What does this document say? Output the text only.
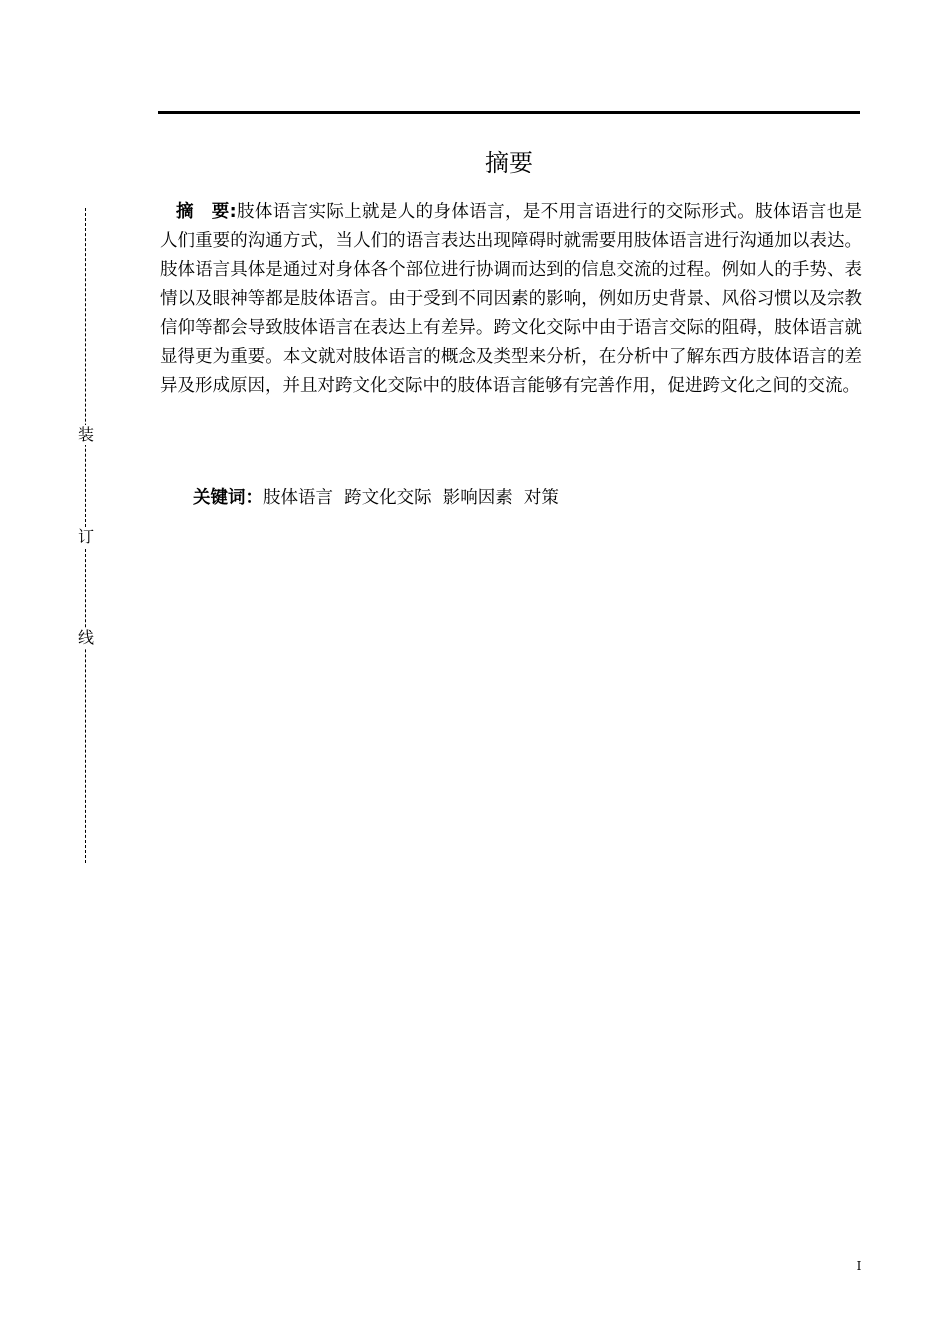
装
订
线
摘要

摘　要:肢体语言实际上就是人的身体语言，是不用言语进行的交际形式。肢体语言也是人们重要的沟通方式，当人们的语言表达出现障碍时就需要用肢体语言进行沟通加以表达。肢体语言具体是通过对身体各个部位进行协调而达到的信息交流的过程。例如人的手势、表情以及眼神等都是肢体语言。由于受到不同因素的影响，例如历史背景、风俗习惯以及宗教信仰等都会导致肢体语言在表达上有差异。跨文化交际中由于语言交际的阻碍，肢体语言就显得更为重要。本文就对肢体语言的概念及类型来分析，在分析中了解东西方肢体语言的差异及形成原因，并且对跨文化交际中的肢体语言能够有完善作用，促进跨文化之间的交流。

关键词：肢体语言  跨文化交际  影响因素  对策
I
